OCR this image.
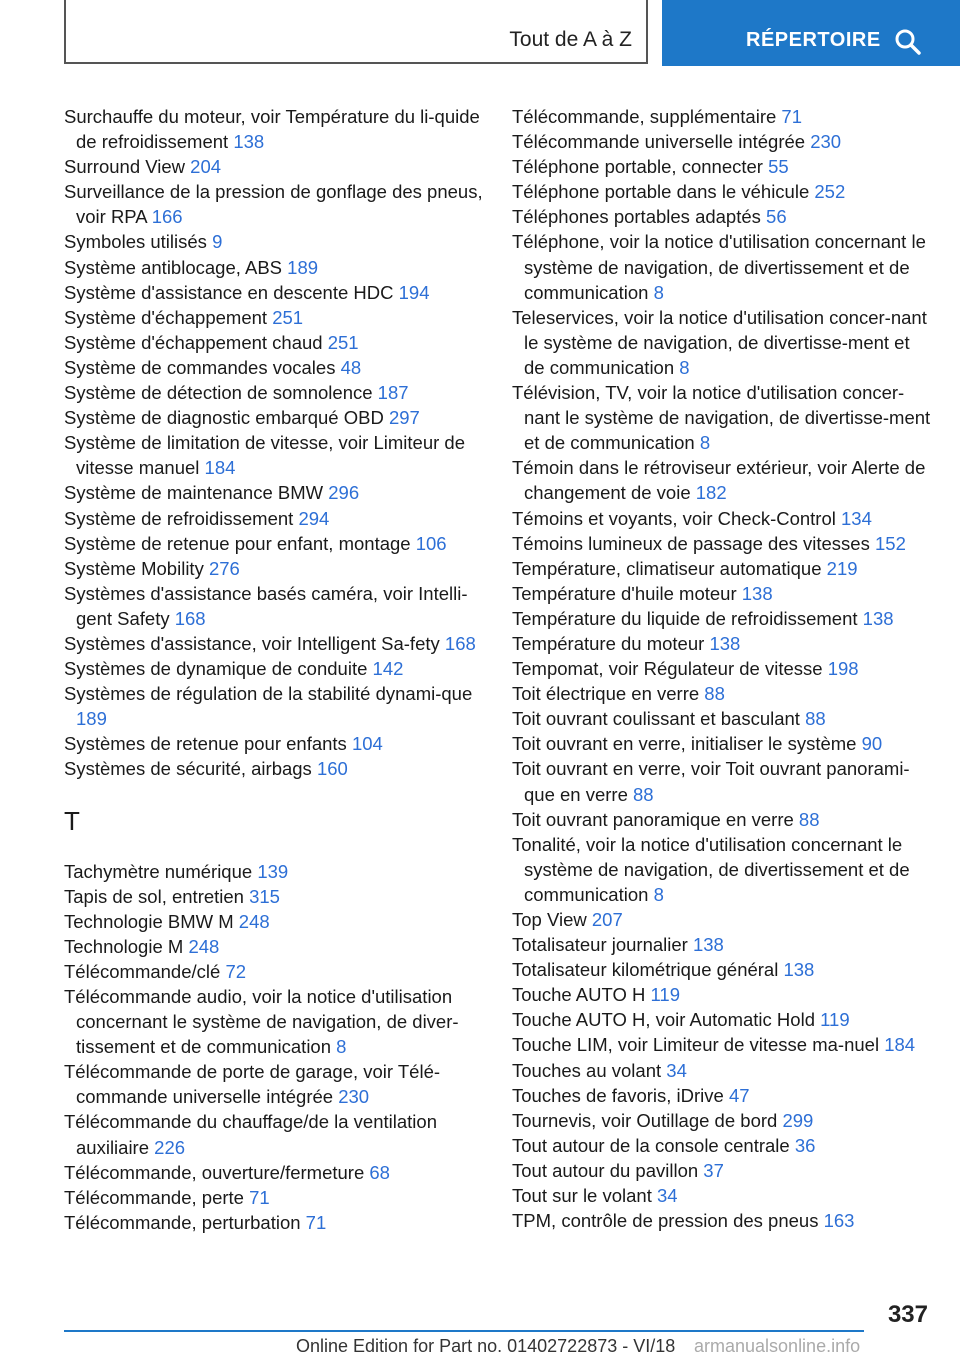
Tout de A à Z	RÉPERTOIRE

Surchauffe du moteur, voir Température du li-quide de refroidissement 138

Surround View 204

Surveillance de la pression de gonflage des pneus, voir RPA 166

Symboles utilisés 9

Système antiblocage, ABS 189

Système d'assistance en descente HDC 194

Système d'échappement 251

Système d'échappement chaud 251

Système de commandes vocales 48

Système de détection de somnolence 187

Système de diagnostic embarqué OBD 297

Système de limitation de vitesse, voir Limiteur de vitesse manuel 184

Système de maintenance BMW 296

Système de refroidissement 294

Système de retenue pour enfant, montage 106

Système Mobility 276

Systèmes d'assistance basés caméra, voir Intelli-gent Safety 168

Systèmes d'assistance, voir Intelligent Sa-fety 168

Systèmes de dynamique de conduite 142

Systèmes de régulation de la stabilité dynami-que 189

Systèmes de retenue pour enfants 104

Systèmes de sécurité, airbags 160

T

Tachymètre numérique 139

Tapis de sol, entretien 315

Technologie BMW M 248

Technologie M 248

Télécommande/clé 72

Télécommande audio, voir la notice d'utilisation concernant le système de navigation, de diver-tissement et de communication 8

Télécommande de porte de garage, voir Télé-commande universelle intégrée 230

Télécommande du chauffage/de la ventilation auxiliaire 226

Télécommande, ouverture/fermeture 68

Télécommande, perte 71

Télécommande, perturbation 71

Télécommande, supplémentaire 71

Télécommande universelle intégrée 230

Téléphone portable, connecter 55

Téléphone portable dans le véhicule 252

Téléphones portables adaptés 56

Téléphone, voir la notice d'utilisation concernant le système de navigation, de divertissement et de communication 8

Teleservices, voir la notice d'utilisation concer-nant le système de navigation, de divertisse-ment et de communication 8

Télévision, TV, voir la notice d'utilisation concer-nant le système de navigation, de divertisse-ment et de communication 8

Témoin dans le rétroviseur extérieur, voir Alerte de changement de voie 182

Témoins et voyants, voir Check-Control 134

Témoins lumineux de passage des vitesses 152

Température, climatiseur automatique 219

Température d'huile moteur 138

Température du liquide de refroidissement 138

Température du moteur 138

Tempomat, voir Régulateur de vitesse 198

Toit électrique en verre 88

Toit ouvrant coulissant et basculant 88

Toit ouvrant en verre, initialiser le système 90

Toit ouvrant en verre, voir Toit ouvrant panorami-que en verre 88

Toit ouvrant panoramique en verre 88

Tonalité, voir la notice d'utilisation concernant le système de navigation, de divertissement et de communication 8

Top View 207

Totalisateur journalier 138

Totalisateur kilométrique général 138

Touche AUTO H 119

Touche AUTO H, voir Automatic Hold 119

Touche LIM, voir Limiteur de vitesse ma-nuel 184

Touches au volant 34

Touches de favoris, iDrive 47

Tournevis, voir Outillage de bord 299

Tout autour de la console centrale 36

Tout autour du pavillon 37

Tout sur le volant 34

TPM, contrôle de pression des pneus 163

337
Online Edition for Part no. 01402722873 - VI/18 armanualsonline.info
